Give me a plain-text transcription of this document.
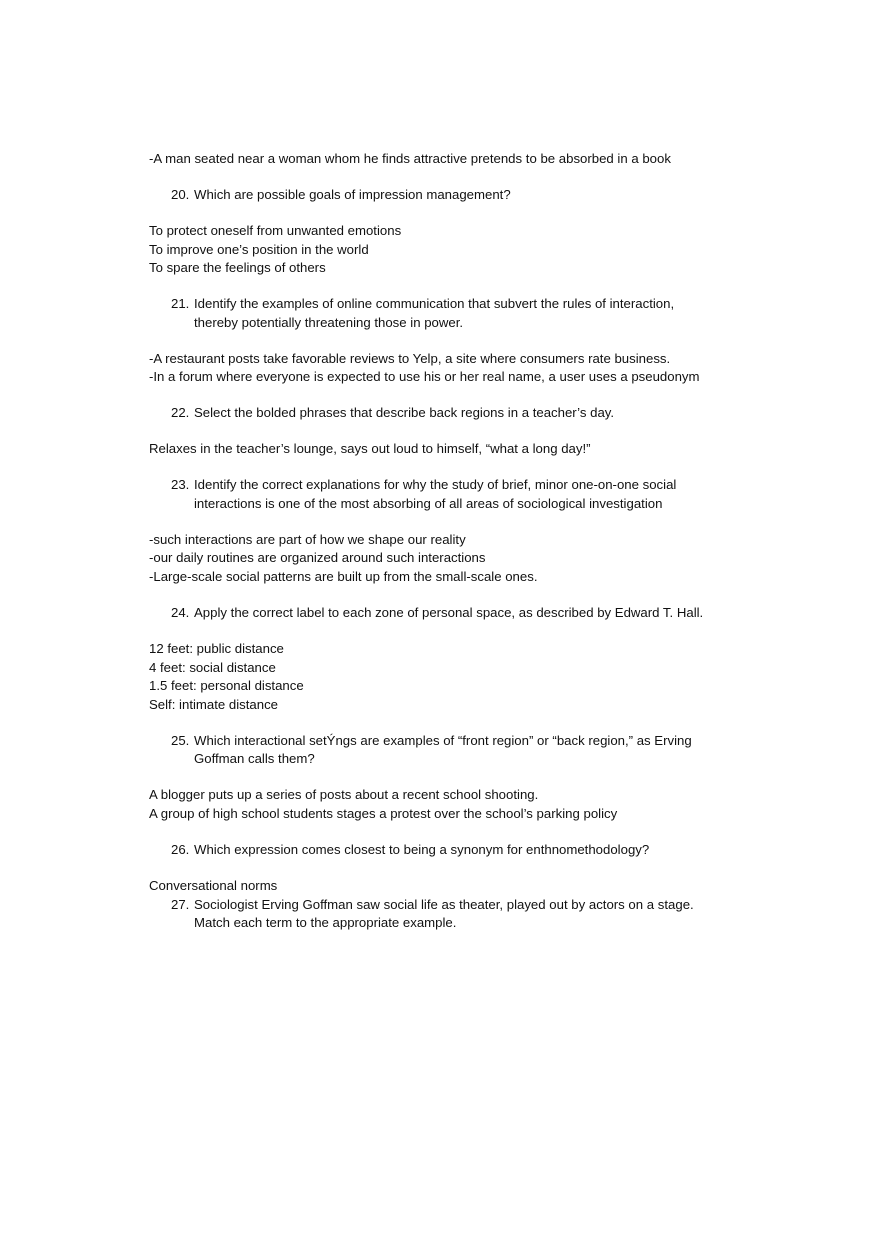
-A man seated near a woman whom he finds attractive pretends to be absorbed in a book

20. Which are possible goals of impression management?

To protect oneself from unwanted emotions

To improve one’s position in the world

To spare the feelings of others

21. Identify the examples of online communication that subvert the rules of interaction,
thereby potentially threatening those in power.

-A restaurant posts take favorable reviews to Yelp, a site where consumers rate business.

-In a forum where everyone is expected to use his or her real name, a user uses a pseudonym

22. Select the bolded phrases that describe back regions in a teacher’s day.

Relaxes in the teacher’s lounge, says out loud to himself, “what a long day!”

23. Identify the correct explanations for why the study of brief, minor one-on-one social
interactions is one of the most absorbing of all areas of sociological investigation

-such interactions are part of how we shape our reality

-our daily routines are organized around such interactions

-Large-scale social patterns are built up from the small-scale ones.

24. Apply the correct label to each zone of personal space, as described by Edward T. Hall.

12 feet: public distance

4 feet: social distance

1.5 feet: personal distance

Self: intimate distance

25. Which interactional setÝngs are examples of “front region” or “back region,” as Erving
Goffman calls them?

A blogger puts up a series of posts about a recent school shooting.

A group of high school students stages a protest over the school’s parking policy

26. Which expression comes closest to being a synonym for enthnomethodology?

Conversational norms

27. Sociologist Erving Goffman saw social life as theater, played out by actors on a stage.
Match each term to the appropriate example.
